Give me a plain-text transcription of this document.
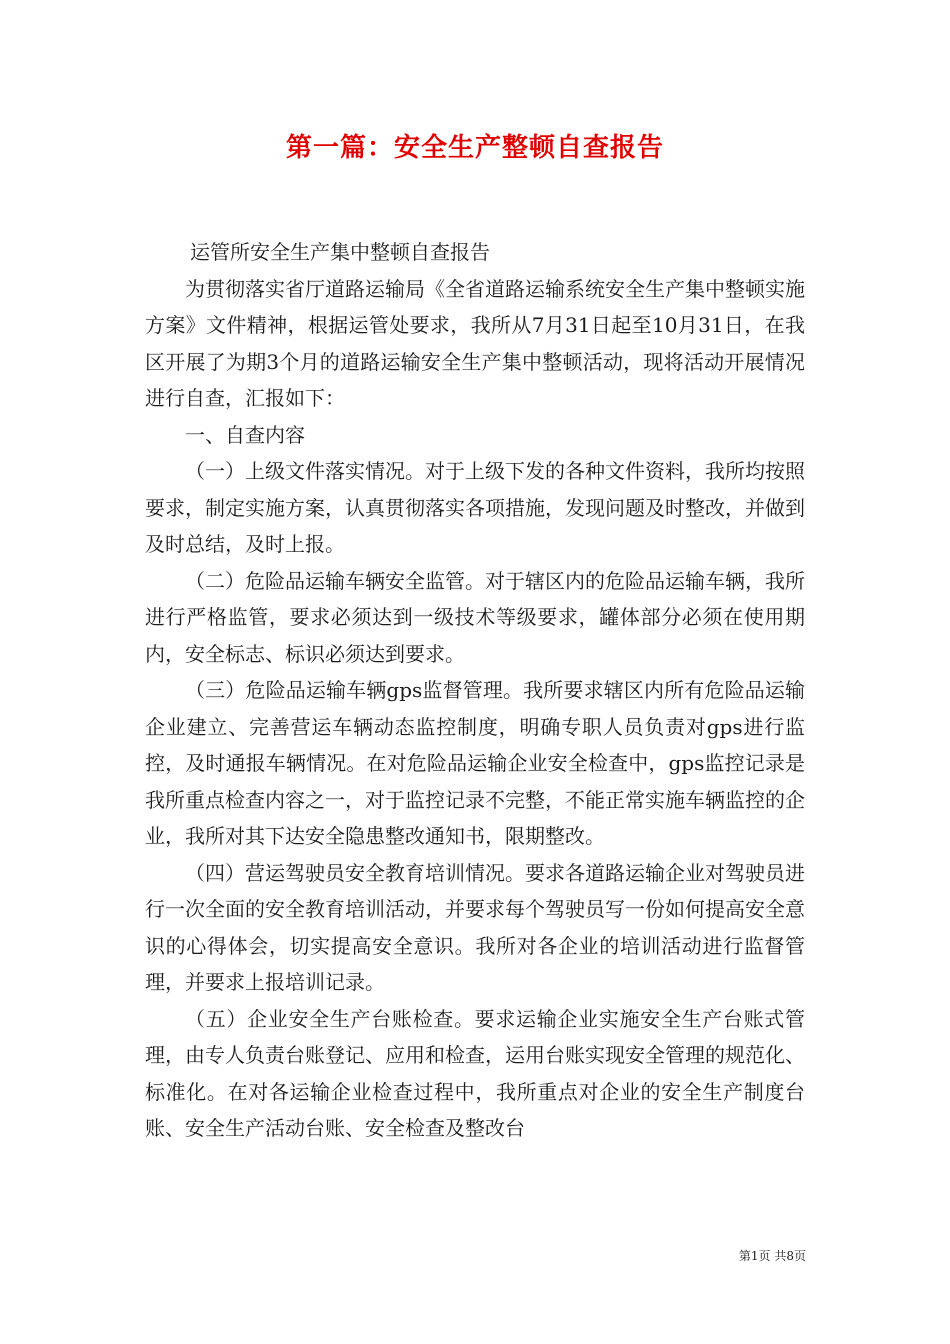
第一篇：安全生产整顿自查报告

运管所安全生产集中整顿自查报告

为贯彻落实省厅道路运输局《全省道路运输系统安全生产集中整顿实施方案》文件精神，根据运管处要求，我所从7月31日起至10月31日，在我区开展了为期3个月的道路运输安全生产集中整顿活动，现将活动开展情况进行自查，汇报如下：

一、自查内容

（一）上级文件落实情况。对于上级下发的各种文件资料，我所均按照要求，制定实施方案，认真贯彻落实各项措施，发现问题及时整改，并做到及时总结，及时上报。

（二）危险品运输车辆安全监管。对于辖区内的危险品运输车辆，我所进行严格监管，要求必须达到一级技术等级要求，罐体部分必须在使用期内，安全标志、标识必须达到要求。

（三）危险品运输车辆gps监督管理。我所要求辖区内所有危险品运输企业建立、完善营运车辆动态监控制度，明确专职人员负责对gps进行监控，及时通报车辆情况。在对危险品运输企业安全检查中，gps监控记录是我所重点检查内容之一，对于监控记录不完整，不能正常实施车辆监控的企业，我所对其下达安全隐患整改通知书，限期整改。

（四）营运驾驶员安全教育培训情况。要求各道路运输企业对驾驶员进行一次全面的安全教育培训活动，并要求每个驾驶员写一份如何提高安全意识的心得体会，切实提高安全意识。我所对各企业的培训活动进行监督管理，并要求上报培训记录。

（五）企业安全生产台账检查。要求运输企业实施安全生产台账式管理，由专人负责台账登记、应用和检查，运用台账实现安全管理的规范化、标准化。在对各运输企业检查过程中，我所重点对企业的安全生产制度台账、安全生产活动台账、安全检查及整改台

第1页 共8页
